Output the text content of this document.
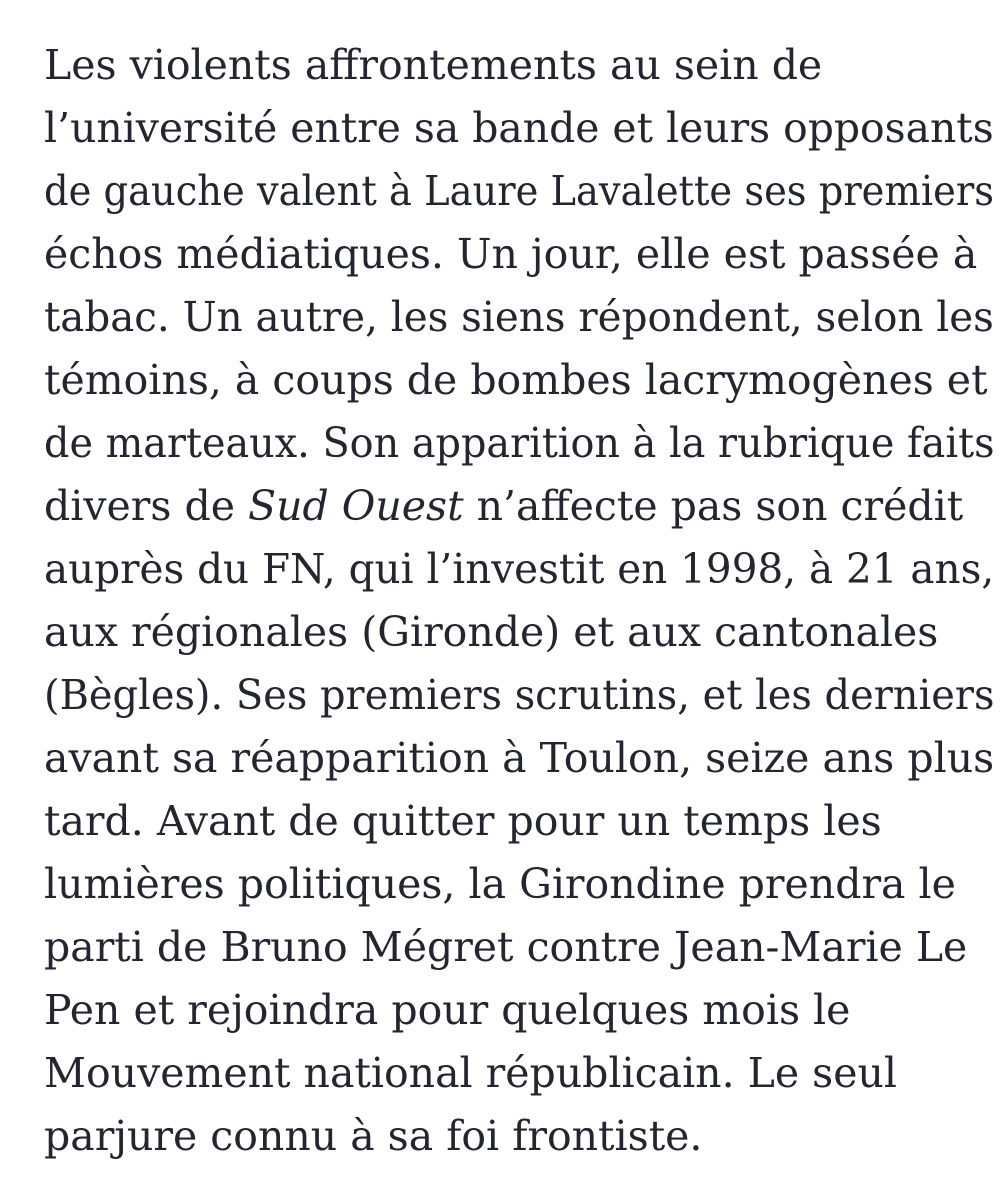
Les violents affrontements au sein de
l’université entre sa bande et leurs opposants
de gauche valent à Laure Lavalette ses premiers
échos médiatiques. Un jour, elle est passée à
tabac. Un autre, les siens répondent, selon les
témoins, à coups de bombes lacrymogènes et
de marteaux. Son apparition à la rubrique faits
divers de Sud Ouest n’affecte pas son crédit
auprès du FN, qui l’investit en 1998, à 21 ans,
aux régionales (Gironde) et aux cantonales
(Bègles). Ses premiers scrutins, et les derniers
avant sa réapparition à Toulon, seize ans plus
tard. Avant de quitter pour un temps les
lumières politiques, la Girondine prendra le
parti de Bruno Mégret contre Jean-Marie Le
Pen et rejoindra pour quelques mois le
Mouvement national républicain. Le seul
parjure connu à sa foi frontiste.
